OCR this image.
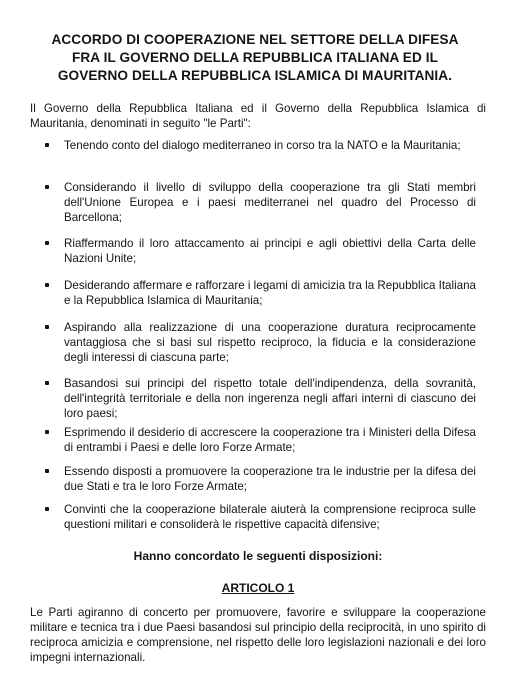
ACCORDO DI COOPERAZIONE NEL SETTORE DELLA DIFESA
FRA IL GOVERNO DELLA REPUBBLICA ITALIANA ED IL
GOVERNO DELLA REPUBBLICA ISLAMICA DI MAURITANIA.
Il Governo della Repubblica Italiana ed il Governo della Repubblica Islamica di Mauritania, denominati in seguito "le Parti":
Tenendo conto del dialogo mediterraneo in corso tra la NATO e la Mauritania;
Considerando il livello di sviluppo della cooperazione tra gli Stati membri dell'Unione Europea e i paesi mediterranei nel quadro del Processo di Barcellona;
Riaffermando il loro attaccamento ai principi e agli obiettivi della Carta delle Nazioni Unite;
Desiderando affermare e rafforzare i legami di amicizia tra la Repubblica Italiana e la Repubblica Islamica di Mauritania;
Aspirando alla realizzazione di una cooperazione duratura reciprocamente vantaggiosa che si basi sul rispetto reciproco, la fiducia e la considerazione degli interessi di ciascuna parte;
Basandosi sui principi del rispetto totale dell'indipendenza, della sovranità, dell'integrità territoriale e della non ingerenza negli affari interni di ciascuno dei loro paesi;
Esprimendo il desiderio di accrescere la cooperazione tra i Ministeri della Difesa di entrambi i Paesi e delle loro Forze Armate;
Essendo disposti a promuovere la cooperazione tra le industrie per la difesa dei due Stati e tra le loro Forze Armate;
Convinti che la cooperazione bilaterale aiuterà la comprensione reciproca sulle questioni militari e consoliderà le rispettive capacità difensive;
Hanno concordato le seguenti disposizioni:
ARTICOLO 1
Le Parti agiranno di concerto per promuovere, favorire e sviluppare la cooperazione militare e tecnica tra i due Paesi basandosi sul principio della reciprocità, in uno spirito di reciproca amicizia e comprensione, nel rispetto delle loro legislazioni nazionali e dei loro impegni internazionali.
